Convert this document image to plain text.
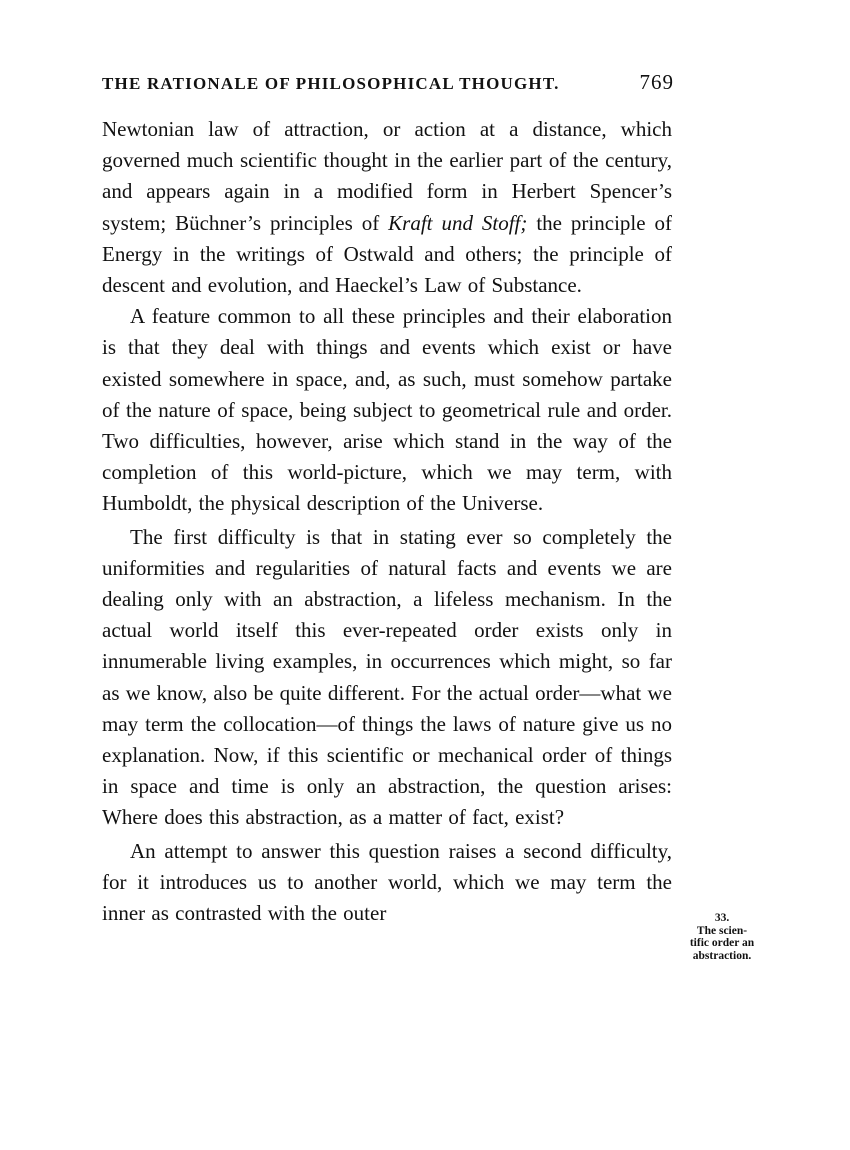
THE RATIONALE OF PHILOSOPHICAL THOUGHT.	769

Newtonian law of attraction, or action at a distance, which governed much scientific thought in the earlier part of the century, and appears again in a modified form in Herbert Spencer’s system; Büchner’s principles of Kraft und Stoff; the principle of Energy in the writings of Ostwald and others; the principle of descent and evolution, and Haeckel’s Law of Substance.

A feature common to all these principles and their elaboration is that they deal with things and events which exist or have existed somewhere in space, and, as such, must somehow partake of the nature of space, being subject to geometrical rule and order. Two difficulties, however, arise which stand in the way of the completion of this world-picture, which we may term, with Humboldt, the physical description of the Universe.

The first difficulty is that in stating ever so completely the uniformities and regularities of natural facts and events we are dealing only with an abstraction, a lifeless mechanism. In the actual world itself this ever-repeated order exists only in innumerable living examples, in occurrences which might, so far as we know, also be quite different. For the actual order—what we may term the collocation—of things the laws of nature give us no explanation. Now, if this scientific or mechanical order of things in space and time is only an abstraction, the question arises: Where does this abstraction, as a matter of fact, exist?

An attempt to answer this question raises a second difficulty, for it introduces us to another world, which we may term the inner as contrasted with the outer	33.
The scien-
tific order an
abstraction.
